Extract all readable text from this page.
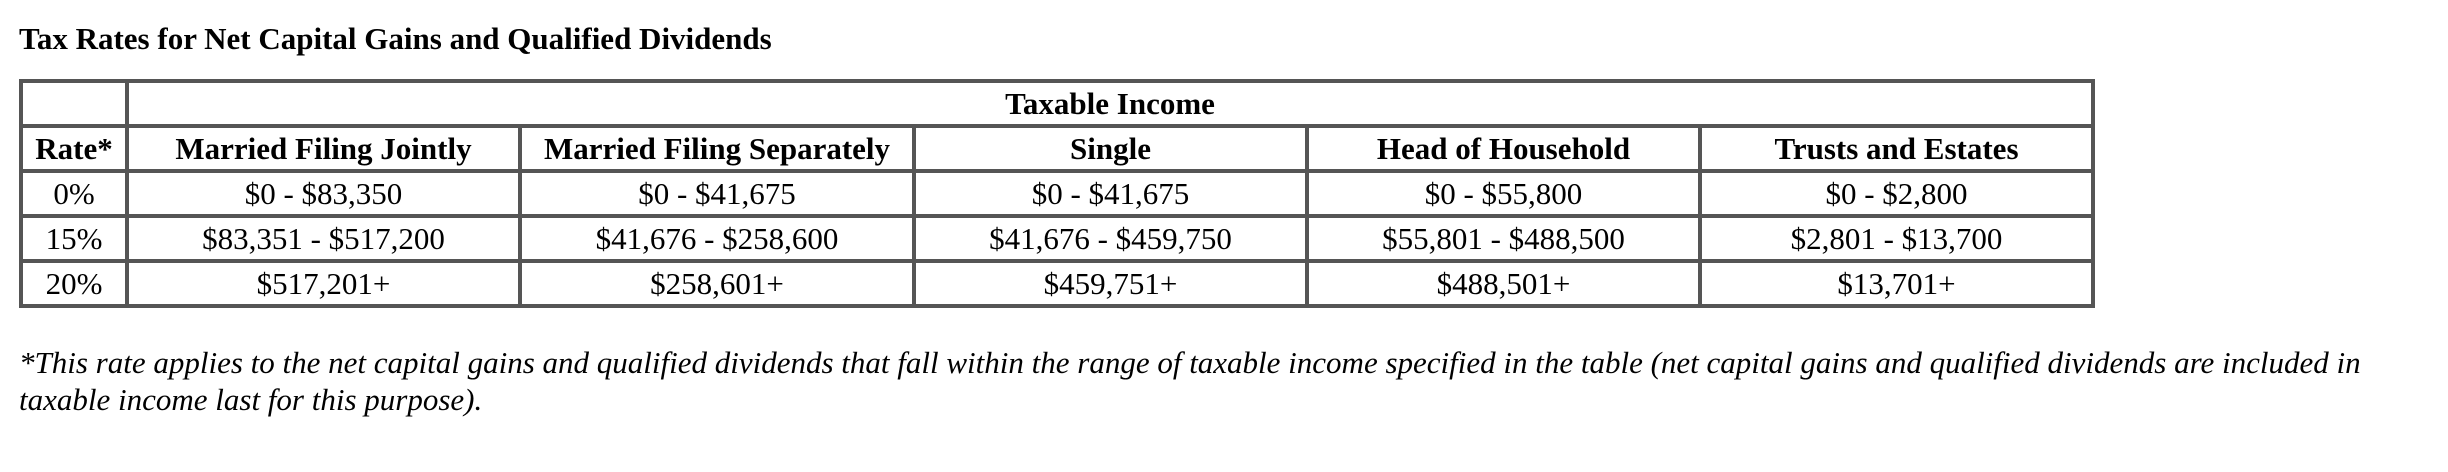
Tax Rates for Net Capital Gains and Qualified Dividends
	Taxable Income				
Rate*	Married Filing Jointly	Married Filing Separately	Single	Head of Household	Trusts and Estates
0%	$0 - $83,350	$0 - $41,675	$0 - $41,675	$0 - $55,800	$0 - $2,800
15%	$83,351 - $517,200	$41,676 - $258,600	$41,676 - $459,750	$55,801 - $488,500	$2,801 - $13,700
20%	$517,201+	$258,601+	$459,751+	$488,501+	$13,701+
*This rate applies to the net capital gains and qualified dividends that fall within the range of taxable income specified in the table (net capital gains and qualified dividends are included in taxable income last for this purpose).
